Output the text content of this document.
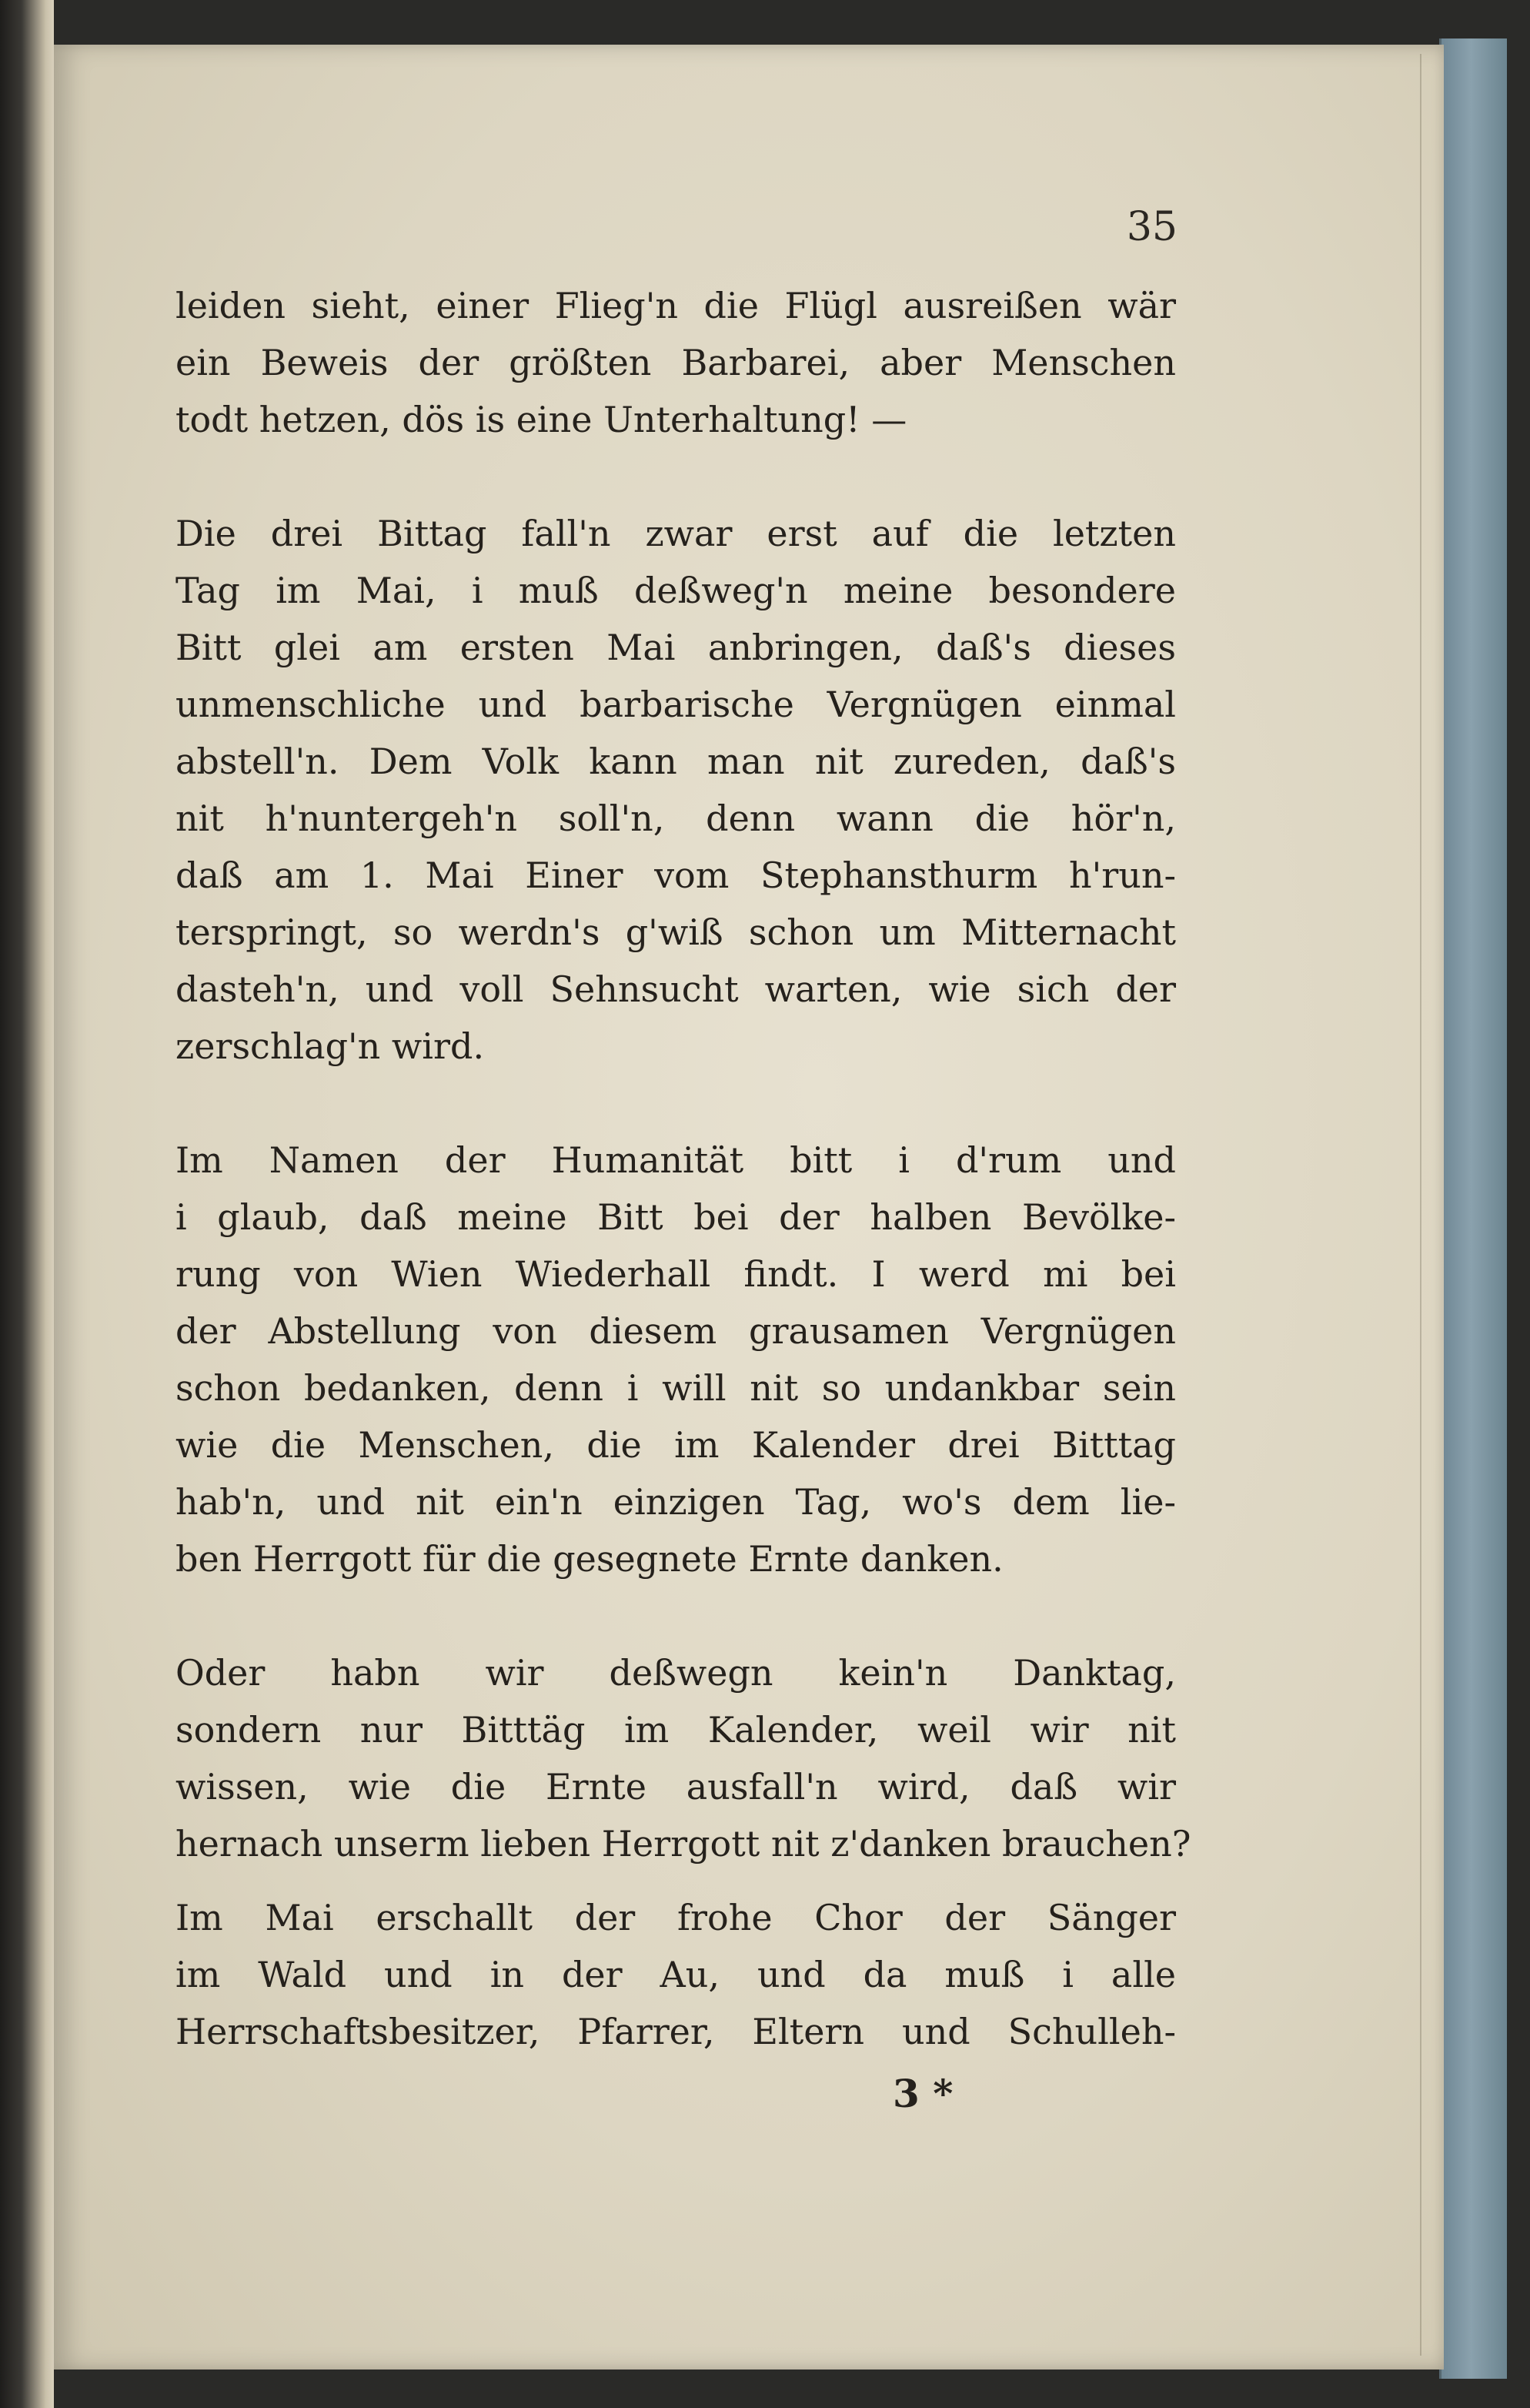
35
leiden sieht, einer Flieg'n die Flügl ausreißen wär
ein Beweis der größten Barbarei, aber Menschen
todt hetzen, dös is eine Unterhaltung! —
Die drei Bittag fall'n zwar erst auf die letzten
Tag im Mai, i muß deßweg'n meine besondere
Bitt glei am ersten Mai anbringen, daß's dieses
unmenschliche und barbarische Vergnügen einmal
abstell'n. Dem Volk kann man nit zureden, daß's
nit h'nuntergeh'n soll'n, denn wann die hör'n,
daß am 1. Mai Einer vom Stephansthurm h'run-
terspringt, so werdn's g'wiß schon um Mitternacht
dasteh'n, und voll Sehnsucht warten, wie sich der
zerschlag'n wird.
Im Namen der Humanität bitt i d'rum und
i glaub, daß meine Bitt bei der halben Bevölke-
rung von Wien Wiederhall findt. I werd mi bei
der Abstellung von diesem grausamen Vergnügen
schon bedanken, denn i will nit so undankbar sein
wie die Menschen, die im Kalender drei Bitttag
hab'n, und nit ein'n einzigen Tag, wo's dem lie-
ben Herrgott für die gesegnete Ernte danken.
Oder habn wir deßwegn kein'n Danktag,
sondern nur Bitttäg im Kalender, weil wir nit
wissen, wie die Ernte ausfall'n wird, daß wir
hernach unserm lieben Herrgott nit z'danken brauchen?
Im Mai erschallt der frohe Chor der Sänger
im Wald und in der Au, und da muß i alle
Herrschaftsbesitzer, Pfarrer, Eltern und Schulleh-
3 *
